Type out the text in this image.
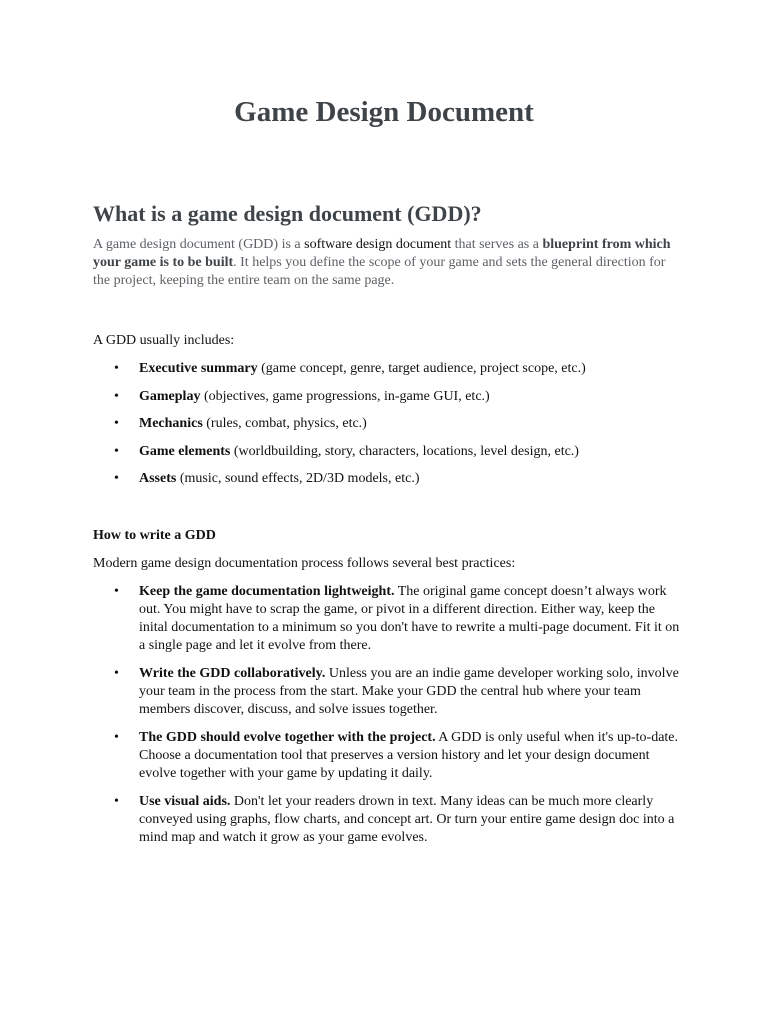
Game Design Document
What is a game design document (GDD)?

A game design document (GDD) is a software design document that serves as a blueprint from which your game is to be built. It helps you define the scope of your game and sets the general direction for the project, keeping the entire team on the same page.

A GDD usually includes:

• Executive summary (game concept, genre, target audience, project scope, etc.)
• Gameplay (objectives, game progressions, in-game GUI, etc.)
• Mechanics (rules, combat, physics, etc.)
• Game elements (worldbuilding, story, characters, locations, level design, etc.)
• Assets (music, sound effects, 2D/3D models, etc.)
How to write a GDD

Modern game design documentation process follows several best practices:

• Keep the game documentation lightweight. The original game concept doesn’t always work out. You might have to scrap the game, or pivot in a different direction. Either way, keep the inital documentation to a minimum so you don't have to rewrite a multi-page document. Fit it on a single page and let it evolve from there.
• Write the GDD collaboratively. Unless you are an indie game developer working solo, involve your team in the process from the start. Make your GDD the central hub where your team members discover, discuss, and solve issues together.
• The GDD should evolve together with the project. A GDD is only useful when it's up-to-date. Choose a documentation tool that preserves a version history and let your design document evolve together with your game by updating it daily.
• Use visual aids. Don't let your readers drown in text. Many ideas can be much more clearly conveyed using graphs, flow charts, and concept art. Or turn your entire game design doc into a mind map and watch it grow as your game evolves.
